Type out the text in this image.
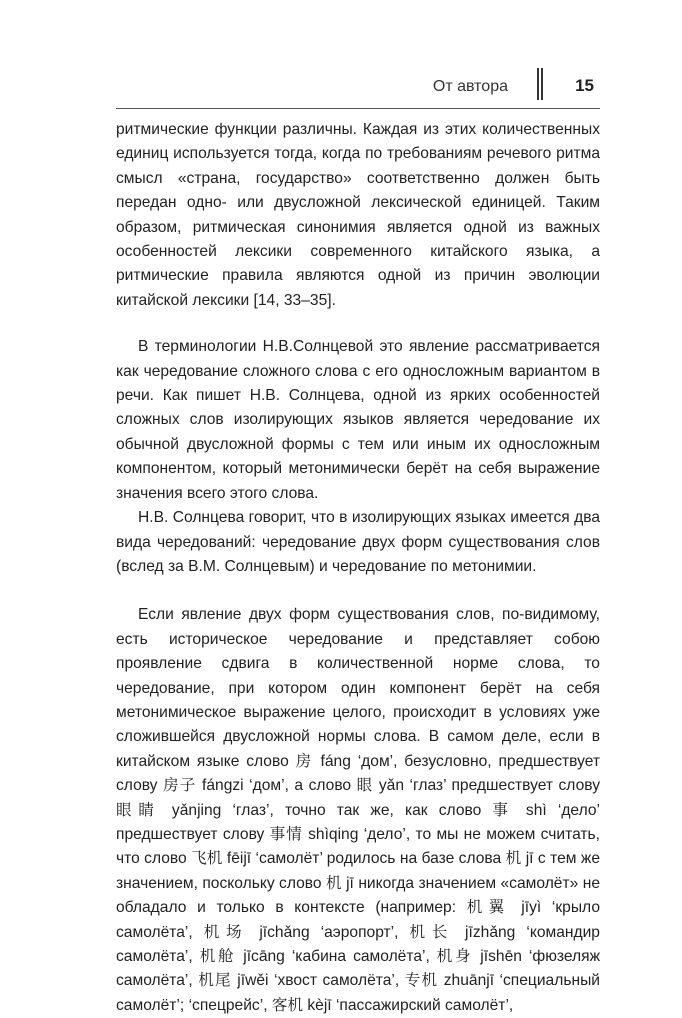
От автора	15

ритмические функции различны. Каждая из этих количественных единиц используется тогда, когда по требованиям речевого ритма смысл «страна, государство» соответственно должен быть передан одно- или двусложной лексической единицей. Таким образом, ритмическая синонимия является одной из важных особенностей лексики современного китайского языка, а ритмические правила являются одной из причин эволюции китайской лексики [14, 33–35].

В терминологии Н.В.Солнцевой это явление рассматривается как чередование сложного слова с его односложным вариантом в речи. Как пишет Н.В. Солнцева, одной из ярких особенностей сложных слов изолирующих языков является чередование их обычной двусложной формы с тем или иным их односложным компонентом, который метонимически берёт на себя выражение значения всего этого слова.

Н.В. Солнцева говорит, что в изолирующих языках имеется два вида чередований: чередование двух форм существования слов (вслед за В.М. Солнцевым) и чередование по метонимии.

Если явление двух форм существования слов, по-видимому, есть историческое чередование и представляет собою проявление сдвига в количественной норме слова, то чередование, при котором один компонент берёт на себя метонимическое выражение целого, происходит в условиях уже сложившейся двусложной нормы слова. В самом деле, если в китайском языке слово 房 fáng ‘дом’, безусловно, предшествует слову 房子 fángzi ‘дом’, а слово 眼 yǎn ‘глаз’ предшествует слову 眼睛 yǎnjing ‘глаз’, точно так же, как слово 事 shì ‘дело’ предшествует слову 事情 shìqing ‘дело’, то мы не можем считать, что слово 飞机 fēijī ‘самолёт’ родилось на базе слова 机 jī с тем же значением, поскольку слово 机 jī никогда значением «самолёт» не обладало и только в контексте (например: 机翼 jīyì ‘крыло самолёта’, 机场 jīchǎng ‘аэропорт’, 机长 jīzhǎng ‘командир самолёта’, 机舱 jīcāng ‘кабина самолёта’, 机身 jīshēn ‘фюзеляж самолёта’, 机尾 jīwěi ‘хвост самолёта’, 专机 zhuānjī ‘специальный самолёт’; ‘спецрейс’, 客机 kèjī ‘пассажирский самолёт’,
